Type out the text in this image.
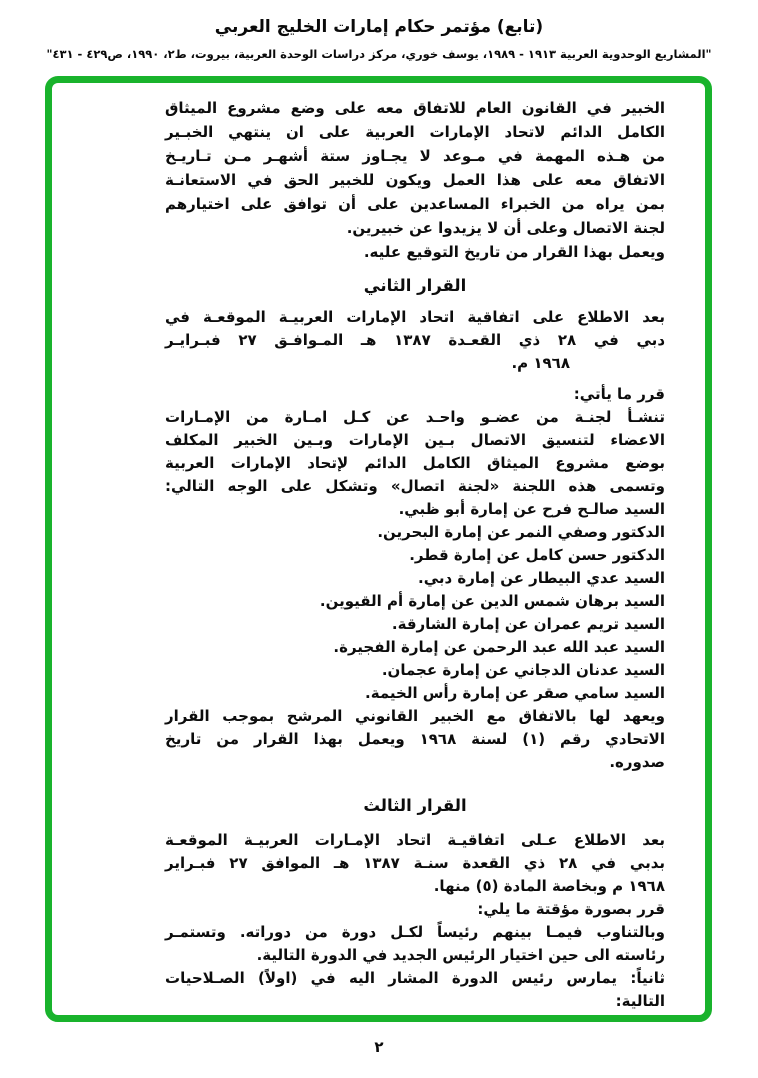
(تابع) مؤتمر حكام إمارات الخليج العربي
"المشاريع الوحدوية العربية ١٩١٣ - ١٩٨٩، يوسف خوري، مركز دراسات الوحدة العربية، بيروت، ط٢، ١٩٩٠، ص٤٢٩ - ٤٣١"
الخبير في القانون العام للاتفاق معه على وضع مشروع الميثاق
الكامل الدائم لاتحاد الإمارات العربية على ان ينتهي الخبـير
من هـذه المهمة في مـوعد لا يجـاوز ستة أشهـر مـن تـاريـخ
الاتفاق معه على هذا العمل ويكون للخبير الحق في الاستعانـة
بمن يراه من الخبراء المساعدين على أن توافق على اختيارهم
لجنة الاتصال وعلى أن لا يزيدوا عن خبيرين.
ويعمل بهذا القرار من تاريخ التوقيع عليه.
القرار الثاني
بعد الاطلاع على اتفاقية اتحاد الإمارات العربيـة الموقعـة في
دبي في ٢٨ ذي القعـدة ١٣٨٧ هـ المـوافـق ٢٧ فبـرايـر
١٩٦٨ م.
قرر ما يأتي:
تنشـأ لجنـة من عضـو واحـد عن كـل امـارة من الإمـارات
الاعضاء لتنسيق الاتصال بـين الإمارات وبـين الخبير المكلف
بوضع مشروع الميثاق الكامل الدائم لإتحاد الإمارات العربية
وتسمى هذه اللجنة «لجنة اتصال» وتشكل على الوجه التالي:
السيد صالـح فرح عن إمارة أبو ظبي.
الدكتور وصفي النمر عن إمارة البحرين.
الدكتور حسن كامل عن إمارة قطر.
السيد عدي البيطار عن إمارة دبي.
السيد برهان شمس الدين عن إمارة أم القيوين.
السيد تريم عمران عن إمارة الشارقة.
السيد عبد الله عبد الرحمن عن إمارة الفجيرة.
السيد عدنان الدجاني عن إمارة عجمان.
السيد سامي صقر عن إمارة رأس الخيمة.
ويعهد لها بالاتفاق مع الخبير القانوني المرشح بموجب القرار
الاتحادي رقم (١) لسنة ١٩٦٨ ويعمل بهذا القرار من تاريخ
صدوره.
القرار الثالث
بعد الاطلاع عـلى اتفاقيـة اتحاد الإمـارات العربيـة الموقعـة
بدبي في ٢٨ ذي القعدة سنـة ١٣٨٧ هـ الموافق ٢٧ فبـراير
١٩٦٨ م وبخاصة المادة (٥) منها.
قرر بصورة مؤقتة ما يلي:
وبالتناوب فيمـا بينهم رئيساً لكـل دورة من دوراته. وتستمـر
رئاسته الى حين اختيار الرئيس الجديد في الدورة التالية.
ثانياً: يمارس رئيس الدورة المشار اليه في (اولاً) الصـلاحيات
التالية:
٢
